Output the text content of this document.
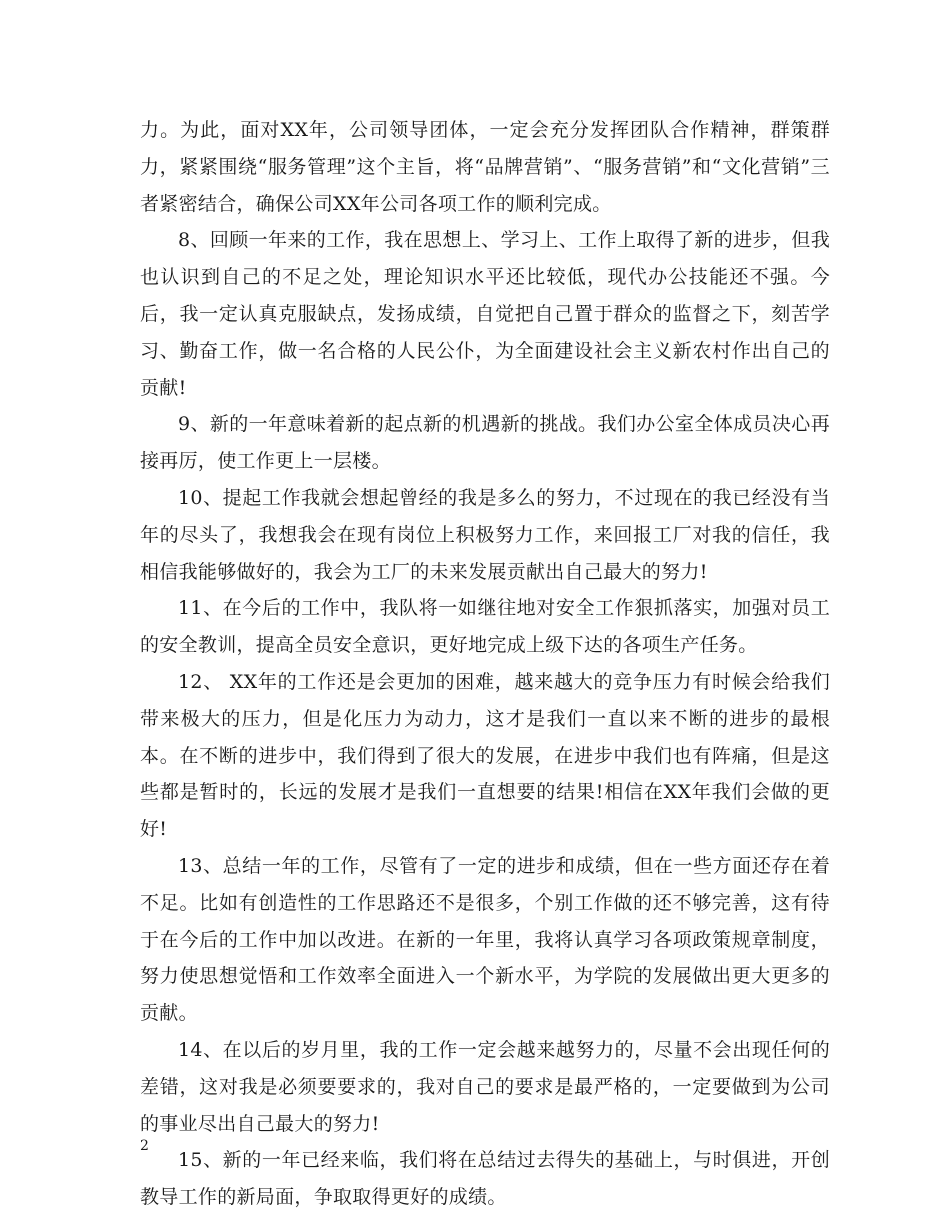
力。为此，面对XX年，公司领导团体，一定会充分发挥团队合作精神，群策群力，紧紧围绕“服务管理”这个主旨，将“品牌营销”、“服务营销”和“文化营销”三者紧密结合，确保公司XX年公司各项工作的顺利完成。

8、回顾一年来的工作，我在思想上、学习上、工作上取得了新的进步，但我也认识到自己的不足之处，理论知识水平还比较低，现代办公技能还不强。今后，我一定认真克服缺点，发扬成绩，自觉把自己置于群众的监督之下，刻苦学习、勤奋工作，做一名合格的人民公仆，为全面建设社会主义新农村作出自己的贡献!

9、新的一年意味着新的起点新的机遇新的挑战。我们办公室全体成员决心再接再厉，使工作更上一层楼。

10、提起工作我就会想起曾经的我是多么的努力，不过现在的我已经没有当年的尽头了，我想我会在现有岗位上积极努力工作，来回报工厂对我的信任，我相信我能够做好的，我会为工厂的未来发展贡献出自己最大的努力!

11、在今后的工作中，我队将一如继往地对安全工作狠抓落实，加强对员工的安全教训，提高全员安全意识，更好地完成上级下达的各项生产任务。

12、 XX年的工作还是会更加的困难，越来越大的竞争压力有时候会给我们带来极大的压力，但是化压力为动力，这才是我们一直以来不断的进步的最根本。在不断的进步中，我们得到了很大的发展，在进步中我们也有阵痛，但是这些都是暂时的，长远的发展才是我们一直想要的结果!相信在XX年我们会做的更好!

13、总结一年的工作，尽管有了一定的进步和成绩，但在一些方面还存在着不足。比如有创造性的工作思路还不是很多，个别工作做的还不够完善，这有待于在今后的工作中加以改进。在新的一年里，我将认真学习各项政策规章制度，努力使思想觉悟和工作效率全面进入一个新水平，为学院的发展做出更大更多的贡献。

14、在以后的岁月里，我的工作一定会越来越努力的，尽量不会出现任何的差错，这对我是必须要要求的，我对自己的要求是最严格的，一定要做到为公司的事业尽出自己最大的努力!

15、新的一年已经来临，我们将在总结过去得失的基础上，与时俱进，开创教导工作的新局面，争取取得更好的成绩。

2
